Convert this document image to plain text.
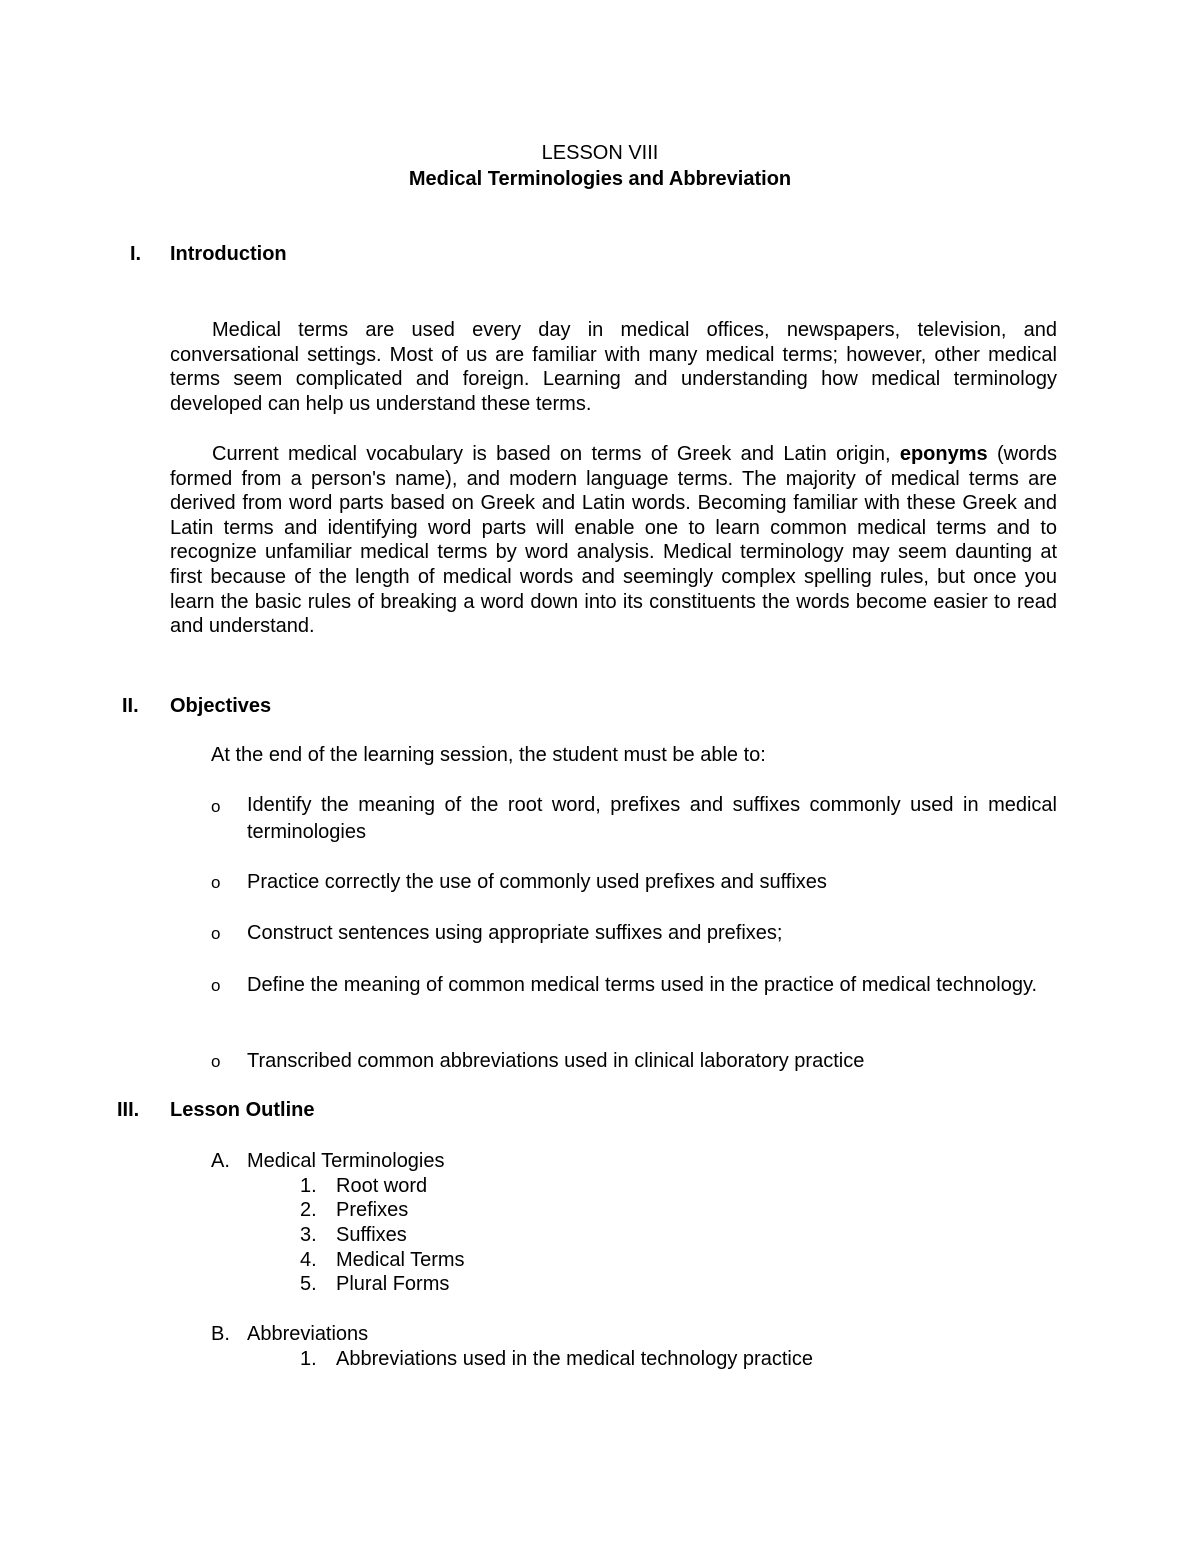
LESSON VIII
Medical Terminologies and Abbreviation
I. Introduction

Medical terms are used every day in medical offices, newspapers, television, and conversational settings. Most of us are familiar with many medical terms; however, other medical terms seem complicated and foreign. Learning and understanding how medical terminology developed can help us understand these terms.

Current medical vocabulary is based on terms of Greek and Latin origin, eponyms (words formed from a person's name), and modern language terms. The majority of medical terms are derived from word parts based on Greek and Latin words. Becoming familiar with these Greek and Latin terms and identifying word parts will enable one to learn common medical terms and to recognize unfamiliar medical terms by word analysis. Medical terminology may seem daunting at first because of the length of medical words and seemingly complex spelling rules, but once you learn the basic rules of breaking a word down into its constituents the words become easier to read and understand.

II. Objectives
At the end of the learning session, the student must be able to:
o Identify the meaning of the root word, prefixes and suffixes commonly used in medical terminologies

o Practice correctly the use of commonly used prefixes and suffixes

o Construct sentences using appropriate suffixes and prefixes;

o Define the meaning of common medical terms used in the practice of medical technology.

o Transcribed common abbreviations used in clinical laboratory practice

III. Lesson Outline
A. Medical Terminologies
1. Root word
2. Prefixes
3. Suffixes
4. Medical Terms
5. Plural Forms
B. Abbreviations
1. Abbreviations used in the medical technology practice
